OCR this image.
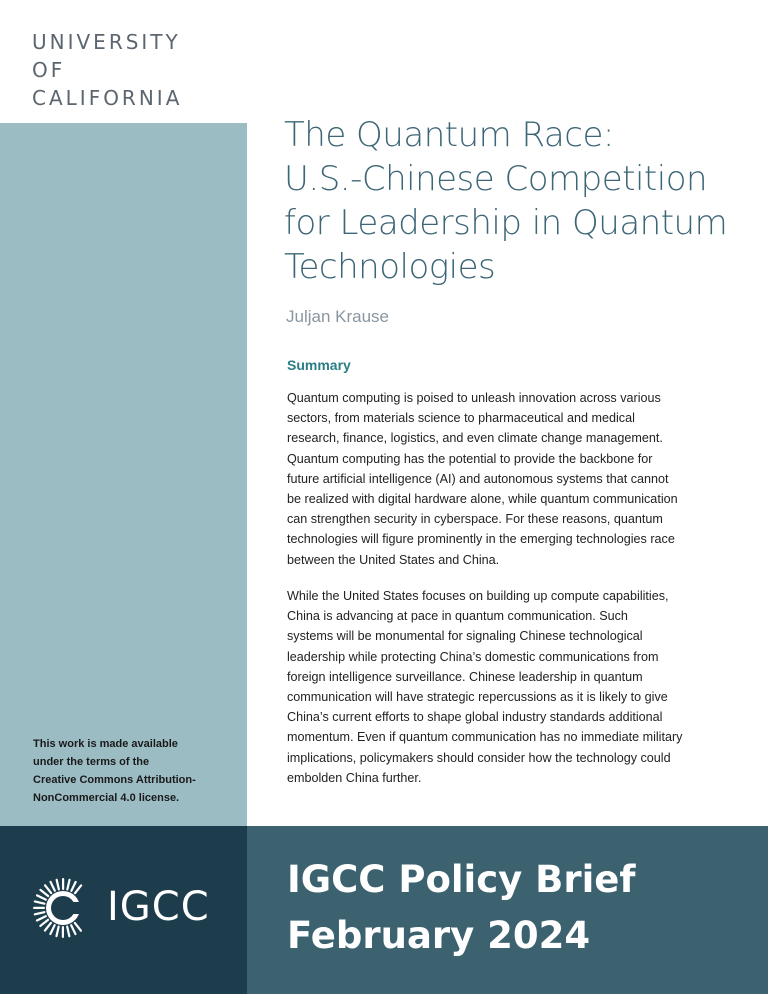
UNIVERSITY
OF
CALIFORNIA
The Quantum Race:
U.S.-Chinese Competition
for Leadership in Quantum
Technologies
Juljan Krause
Summary
Quantum computing is poised to unleash innovation across various
sectors, from materials science to pharmaceutical and medical
research, finance, logistics, and even climate change management.
Quantum computing has the potential to provide the backbone for
future artificial intelligence (AI) and autonomous systems that cannot
be realized with digital hardware alone, while quantum communication
can strengthen security in cyberspace. For these reasons, quantum
technologies will figure prominently in the emerging technologies race
between the United States and China.
While the United States focuses on building up compute capabilities,
China is advancing at pace in quantum communication. Such
systems will be monumental for signaling Chinese technological
leadership while protecting China’s domestic communications from
foreign intelligence surveillance. Chinese leadership in quantum
communication will have strategic repercussions as it is likely to give
China’s current efforts to shape global industry standards additional
momentum. Even if quantum communication has no immediate military
implications, policymakers should consider how the technology could
embolden China further.
This work is made available
under the terms of the
Creative Commons Attribution-
NonCommercial 4.0 license.
IGCC
IGCC Policy Brief
February 2024
